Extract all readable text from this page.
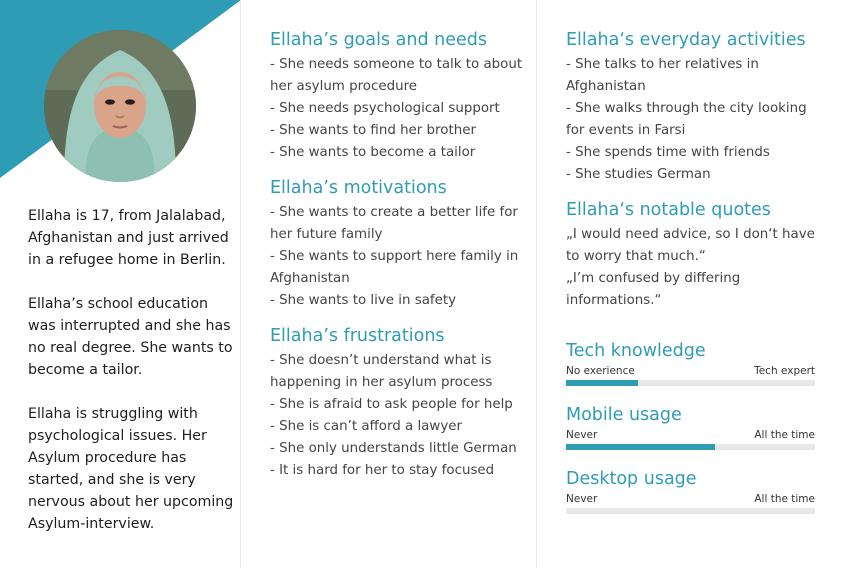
Ellaha is 17, from Jalalabad, Afghanistan and just arrived in a refugee home in Berlin.

Ellaha’s school education was interrupted and she has no real degree. She wants to become a tailor.

Ellaha is struggling with psychological issues. Her Asylum procedure has started, and she is very nervous about her upcoming Asylum-interview.

Ellaha’s goals and needs
- She needs someone to talk to about her asylum procedure
- She needs psychological support
- She wants to find her brother
- She wants to become a tailor
Ellaha’s motivations
- She wants to create a better life for her future family
- She wants to support here family in Afghanistan
- She wants to live in safety
Ellaha’s frustrations
- She doesn’t understand what is happening in her asylum process
- She is afraid to ask people for help
- She is can’t afford a lawyer
- She only understands little German
- It is hard for her to stay focused
Ellaha‘s everyday activities
- She talks to her relatives in Afghanistan
- She walks through the city looking for events in Farsi
- She spends time with friends
- She studies German
Ellaha‘s notable quotes
„I would need advice, so I don‘t have to worry that much.“
„I’m confused by differing informations.“
Tech knowledge
No exerience	Tech expert
Mobile usage
Never	All the time
Desktop usage
Never	All the time
